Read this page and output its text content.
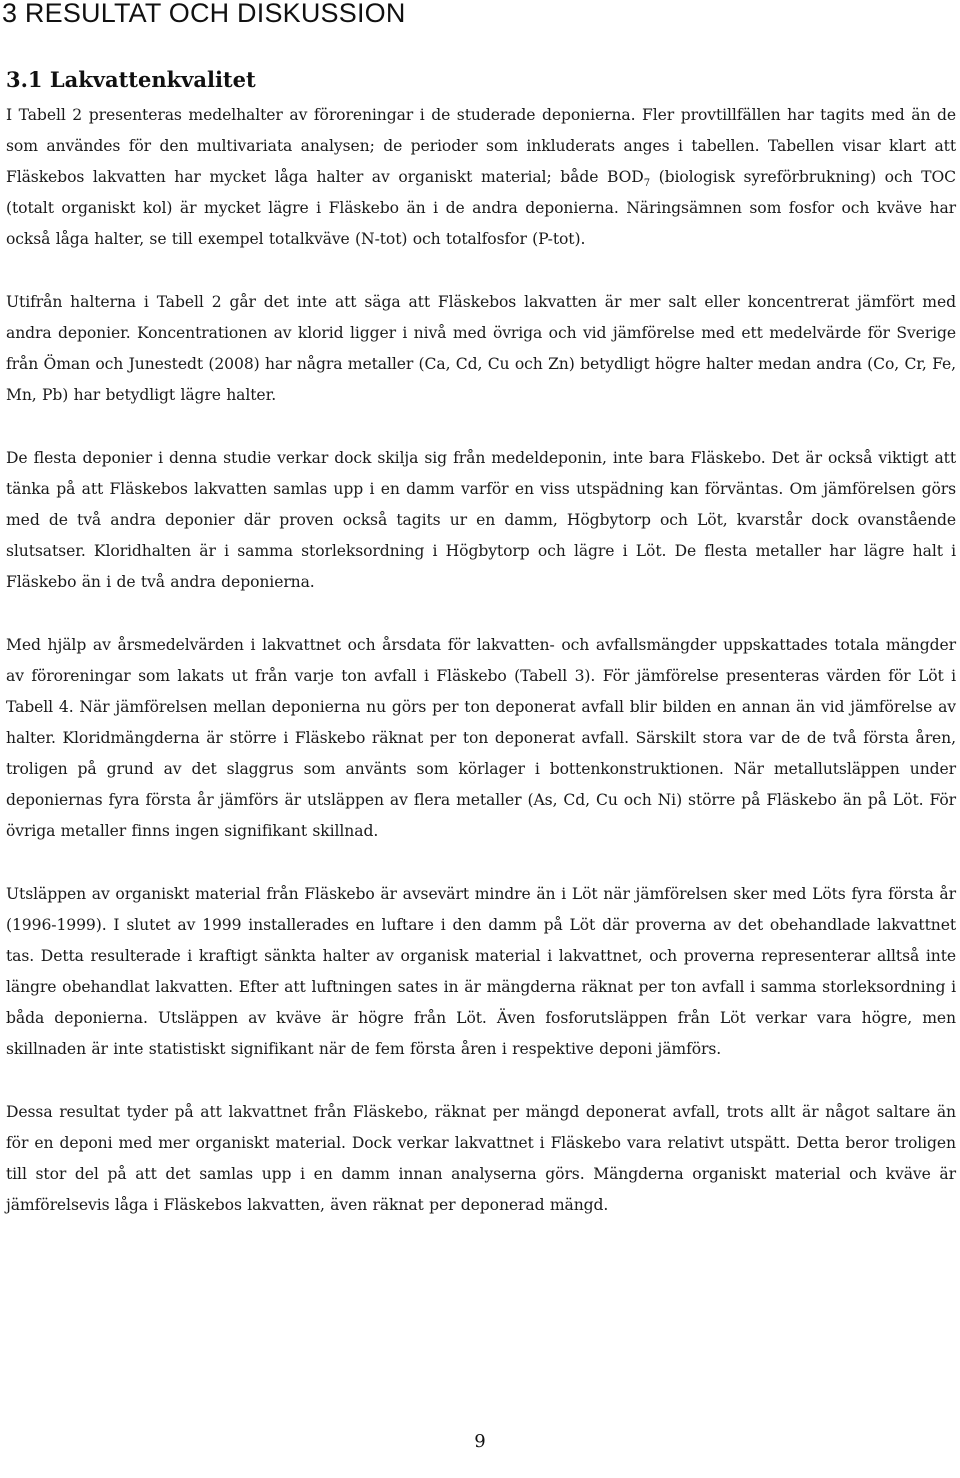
3 RESULTAT OCH DISKUSSION
3.1 Lakvattenkvalitet

I Tabell 2 presenteras medelhalter av föroreningar i de studerade deponierna. Fler provtillfällen har tagits med än de som användes för den multivariata analysen; de perioder som inkluderats anges i tabellen. Tabellen visar klart att Fläskebos lakvatten har mycket låga halter av organiskt material; både $BOD_7$ (biologisk syreförbrukning) och TOC (totalt organiskt kol) är mycket lägre i Fläskebo än i de andra deponierna. Näringsämnen som fosfor och kväve har också låga halter, se till exempel totalkväve (N-tot) och totalfosfor (P-tot).

Utifrån halterna i Tabell 2 går det inte att säga att Fläskebos lakvatten är mer salt eller koncentrerat jämfört med andra deponier. Koncentrationen av klorid ligger i nivå med övriga och vid jämförelse med ett medelvärde för Sverige från Öman och Junestedt (2008) har några metaller (Ca, Cd, Cu och Zn) betydligt högre halter medan andra (Co, Cr, Fe, Mn, Pb) har betydligt lägre halter.

De flesta deponier i denna studie verkar dock skilja sig från medeldeponin, inte bara Fläskebo. Det är också viktigt att tänka på att Fläskebos lakvatten samlas upp i en damm varför en viss utspädning kan förväntas. Om jämförelsen görs med de två andra deponier där proven också tagits ur en damm, Högbytorp och Löt, kvarstår dock ovanstående slutsatser. Kloridhalten är i samma storleksordning i Högbytorp och lägre i Löt. De flesta metaller har lägre halt i Fläskebo än i de två andra deponierna.

Med hjälp av årsmedelvärden i lakvattnet och årsdata för lakvatten- och avfallsmängder uppskattades totala mängder av föroreningar som lakats ut från varje ton avfall i Fläskebo (Tabell 3). För jämförelse presenteras värden för Löt i Tabell 4. När jämförelsen mellan deponierna nu görs per ton deponerat avfall blir bilden en annan än vid jämförelse av halter. Kloridmängderna är större i Fläskebo räknat per ton deponerat avfall. Särskilt stora var de de två första åren, troligen på grund av det slaggrus som använts som körlager i bottenkonstruktionen. När metallutsläppen under deponiernas fyra första år jämförs är utsläppen av flera metaller (As, Cd, Cu och Ni) större på Fläskebo än på Löt. För övriga metaller finns ingen signifikant skillnad.

Utsläppen av organiskt material från Fläskebo är avsevärt mindre än i Löt när jämförelsen sker med Löts fyra första år (1996-1999). I slutet av 1999 installerades en luftare i den damm på Löt där proverna av det obehandlade lakvattnet tas. Detta resulterade i kraftigt sänkta halter av organisk material i lakvattnet, och proverna representerar alltså inte längre obehandlat lakvatten. Efter att luftningen sates in är mängderna räknat per ton avfall i samma storleksordning i båda deponierna. Utsläppen av kväve är högre från Löt. Även fosforutsläppen från Löt verkar vara högre, men skillnaden är inte statistiskt signifikant när de fem första åren i respektive deponi jämförs.

Dessa resultat tyder på att lakvattnet från Fläskebo, räknat per mängd deponerat avfall, trots allt är något saltare än för en deponi med mer organiskt material. Dock verkar lakvattnet i Fläskebo vara relativt utspätt. Detta beror troligen till stor del på att det samlas upp i en damm innan analyserna görs. Mängderna organiskt material och kväve är jämförelsevis låga i Fläskebos lakvatten, även räknat per deponerad mängd.

9
